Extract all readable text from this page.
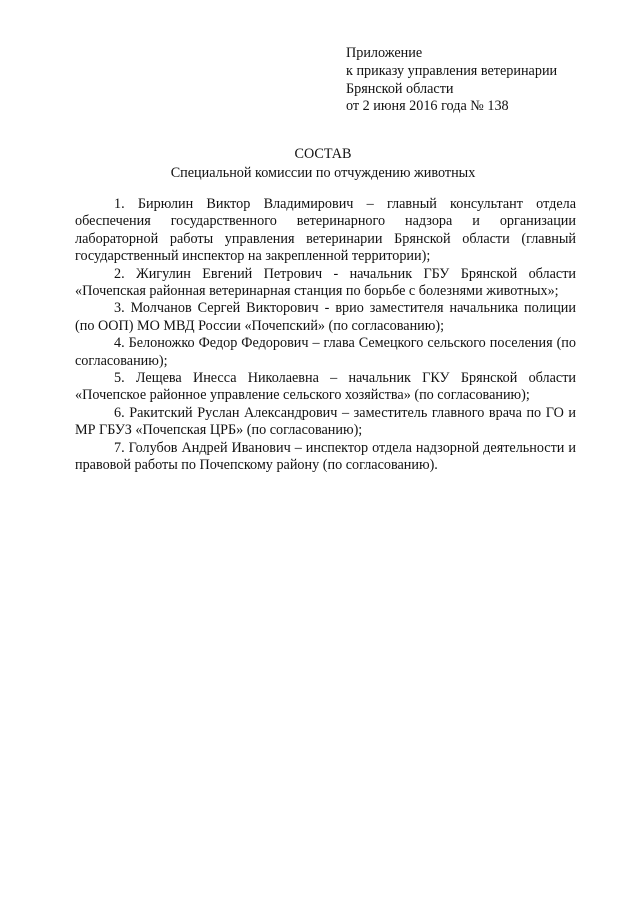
Приложение
к приказу управления ветеринарии
Брянской области
от 2 июня 2016 года № 138
СОСТАВ
Специальной комиссии по отчуждению животных

1. Бирюлин Виктор Владимирович – главный консультант отдела обеспечения государственного ветеринарного надзора и организации лабораторной работы управления ветеринарии Брянской области (главный государственный инспектор на закрепленной территории);

2. Жигулин Евгений Петрович - начальник ГБУ Брянской области «Почепская районная ветеринарная станция по борьбе с болезнями животных»;

3. Молчанов Сергей Викторович - врио заместителя начальника полиции (по ООП) МО МВД России «Почепский» (по согласованию);

4. Белоножко Федор Федорович – глава Семецкого сельского поселения (по согласованию);

5. Лещева Инесса Николаевна – начальник ГКУ Брянской области «Почепское районное управление сельского хозяйства» (по согласованию);

6. Ракитский Руслан Александрович – заместитель главного врача по ГО и МР ГБУЗ «Почепская ЦРБ» (по согласованию);

7. Голубов Андрей Иванович – инспектор отдела надзорной деятельности и правовой работы по Почепскому району (по согласованию).
